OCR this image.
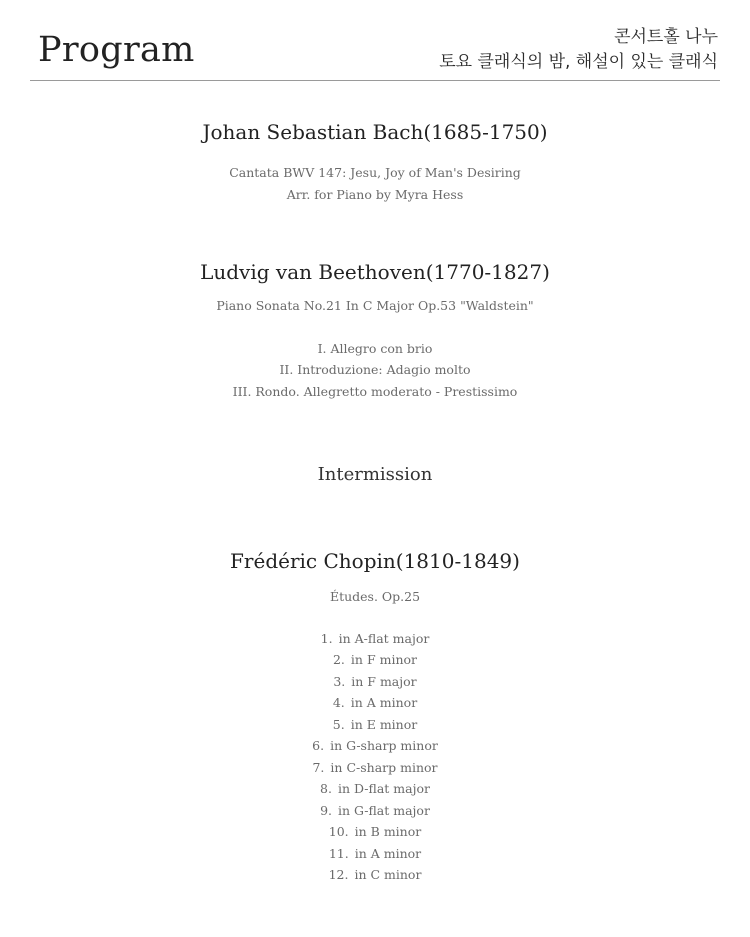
Program	콘서트홀 나누
토요 클래식의 밤, 해설이 있는 클래식

Johan Sebastian Bach(1685-1750)

Cantata BWV 147: Jesu, Joy of Man's Desiring

Arr. for Piano by Myra Hess

Ludvig van Beethoven(1770-1827)

Piano Sonata No.21 In C Major Op.53 "Waldstein"

I. Allegro con brio

II. Introduzione: Adagio molto

III. Rondo. Allegretto moderato - Prestissimo

Intermission

Frédéric Chopin(1810-1849)

Études. Op.25

1. in A-flat major

2. in F minor

3. in F major

4. in A minor

5. in E minor

6. in G-sharp minor

7. in C-sharp minor

8. in D-flat major

9. in G-flat major

10. in B minor

11. in A minor

12. in C minor
